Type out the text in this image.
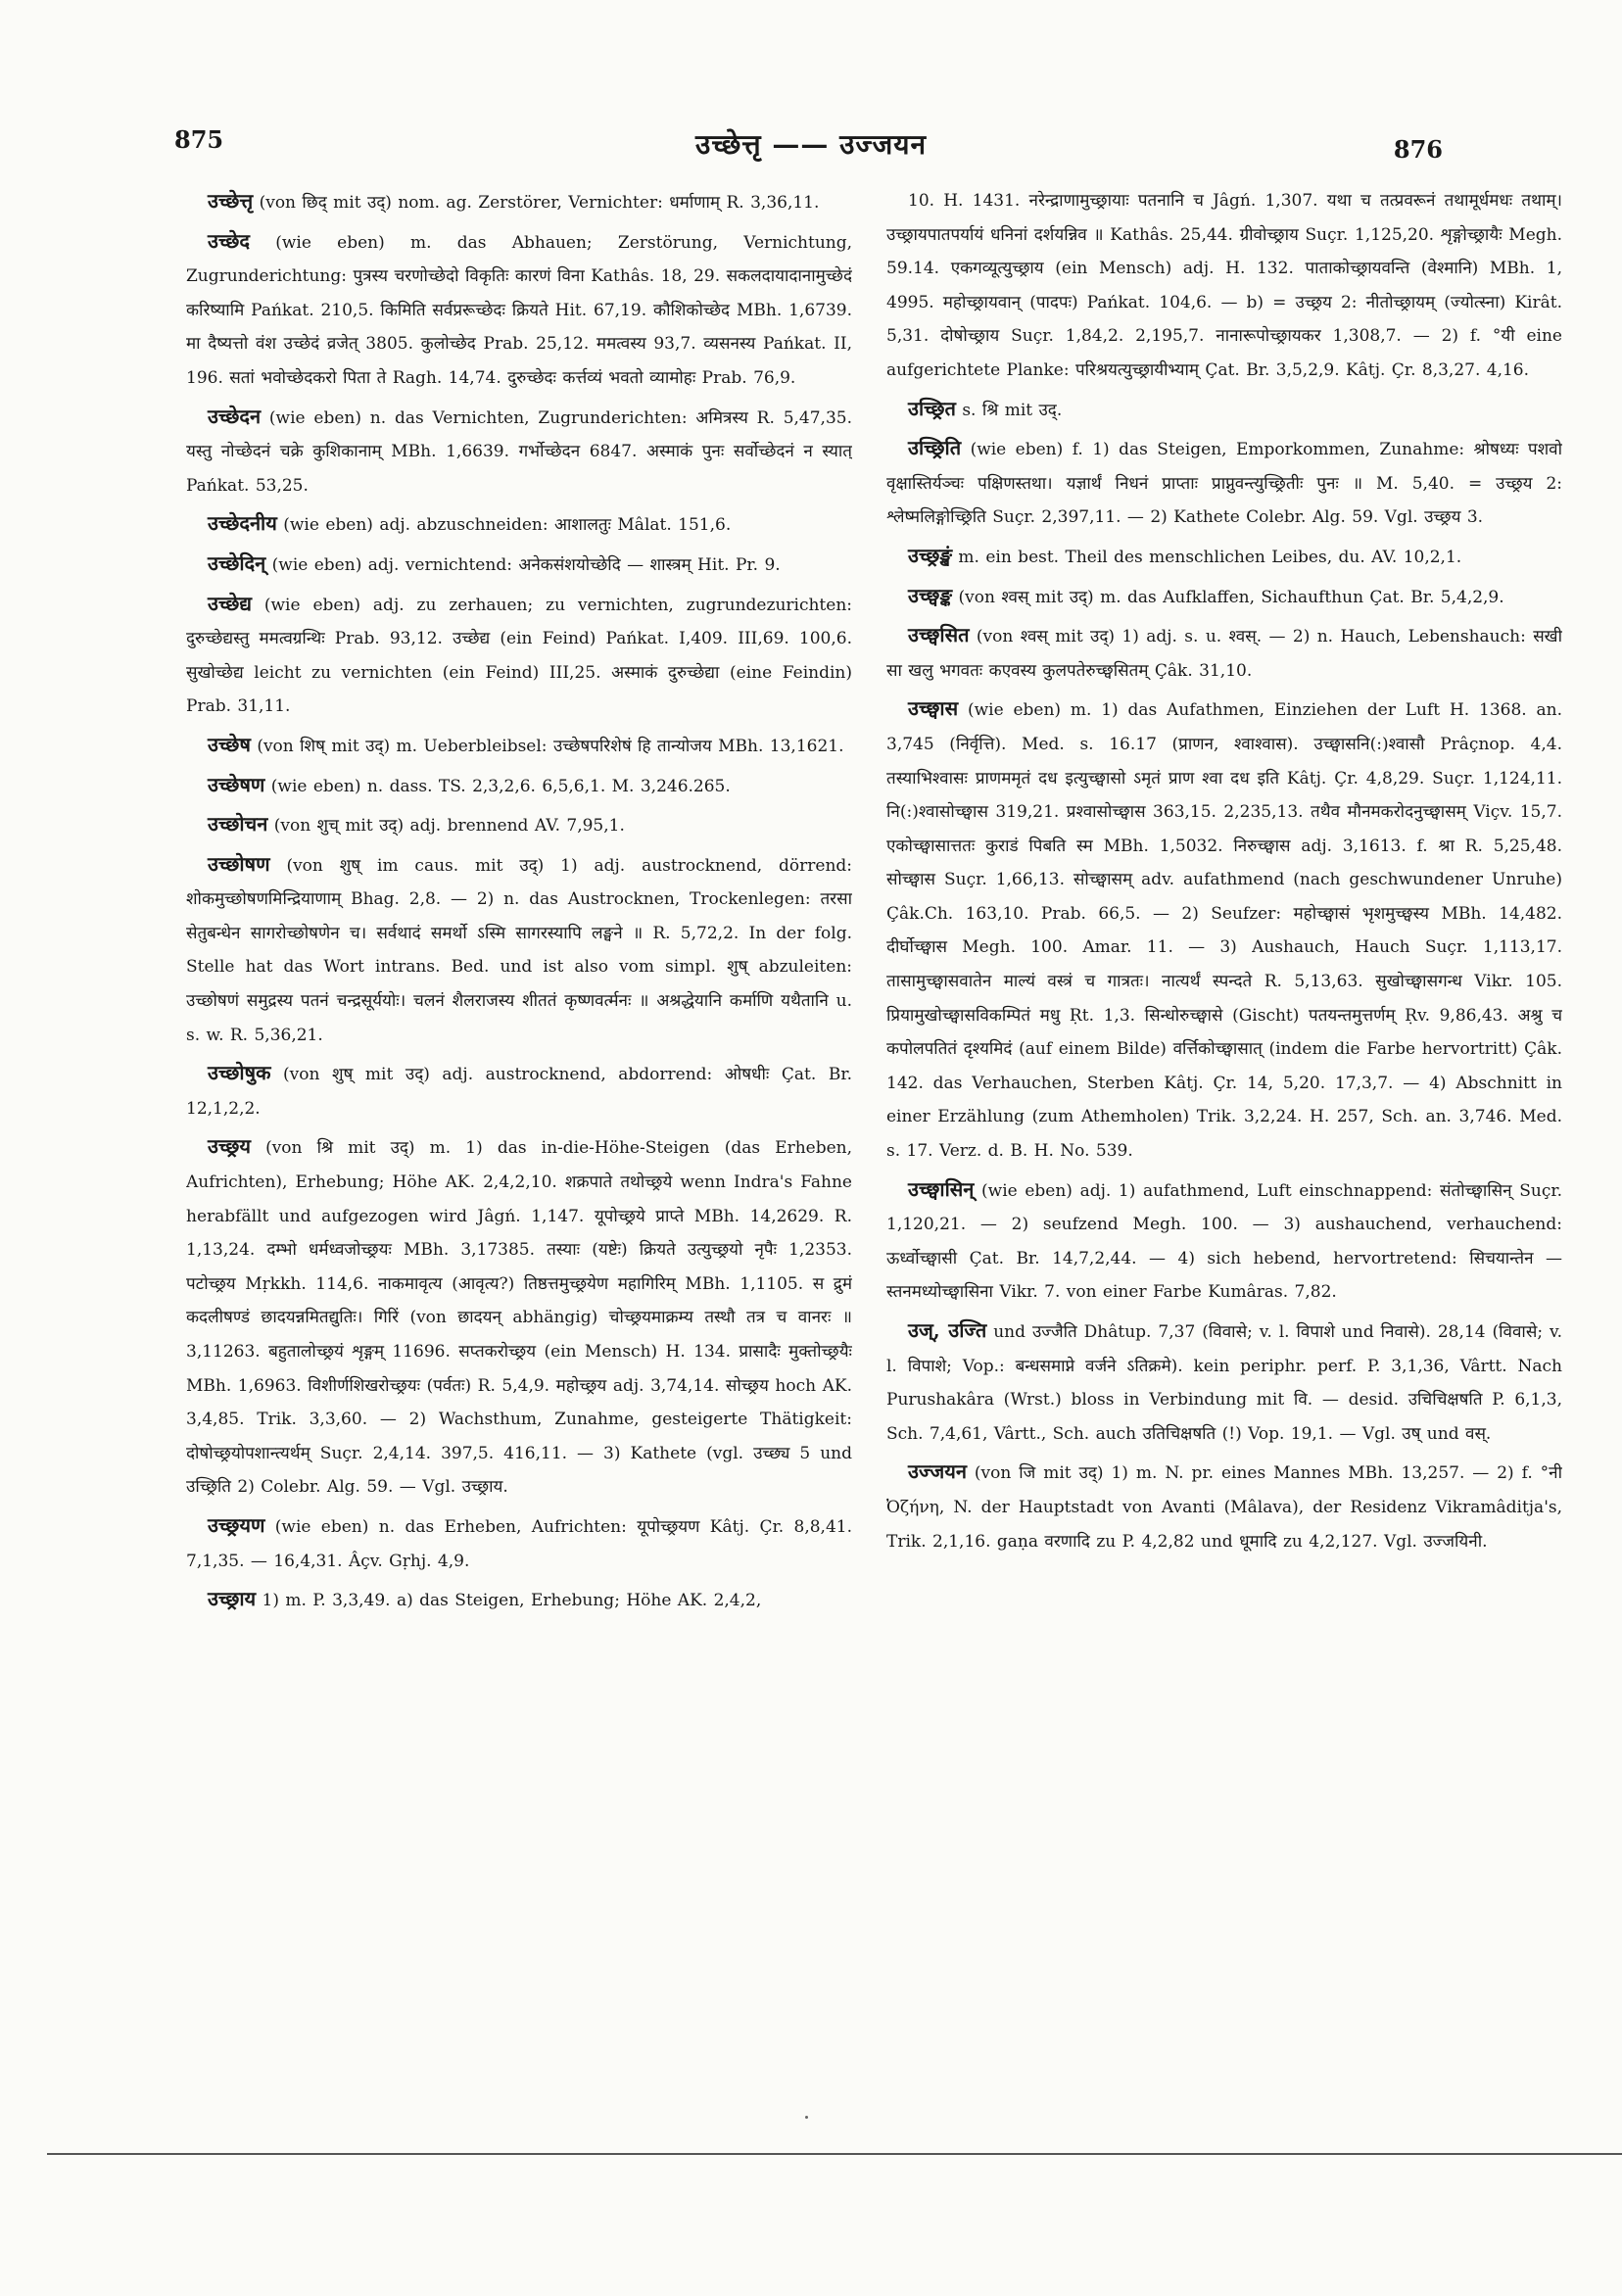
875	उच्छेत्तृ —— उज्जयन	876

उच्छेत्तृ (von छिद् mit उद्) nom. ag. Zerstörer, Vernichter: धर्माणाम् R. 3,36,11.

उच्छेद (wie eben) m. das Abhauen; Zerstörung, Vernichtung, Zugrunderichtung: पुत्रस्य चरणोच्छेदो विकृतिः कारणं विना Kathâs. 18, 29. सकलदायादानामुच्छेदं करिष्यामि Pańkat. 210,5. किमिति सर्वप्ररूच्छेदः क्रियते Hit. 67,19. कौशिकोच्छेद MBh. 1,6739. मा दैष्यत्तो वंश उच्छेदं व्रजेत् 3805. कुलोच्छेद Prab. 25,12. ममत्वस्य 93,7. व्यसनस्य Pańkat. II, 196. सतां भवोच्छेदकरो पिता ते Ragh. 14,74. दुरुच्छेदः कर्त्तव्यं भवतो व्यामोहः Prab. 76,9.

उच्छेदन (wie eben) n. das Vernichten, Zugrunderichten: अमित्रस्य R. 5,47,35. यस्तु नोच्छेदनं चक्रे कुशिकानाम् MBh. 1,6639. गर्भोच्छेदन 6847. अस्माकं पुनः सर्वोच्छेदनं न स्यात् Pańkat. 53,25.

उच्छेदनीय (wie eben) adj. abzuschneiden: आशालतुः Mâlat. 151,6.

उच्छेदिन् (wie eben) adj. vernichtend: अनेकसंशयोच्छेदि — शास्त्रम् Hit. Pr. 9.

उच्छेद्य (wie eben) adj. zu zerhauen; zu vernichten, zugrundezurichten: दुरुच्छेद्यस्तु ममत्वग्रन्थिः Prab. 93,12. उच्छेद्य (ein Feind) Pańkat. I,409. III,69. 100,6. सुखोच्छेद्य leicht zu vernichten (ein Feind) III,25. अस्माकं दुरुच्छेद्या (eine Feindin) Prab. 31,11.

उच्छेष (von शिष् mit उद्) m. Ueberbleibsel: उच्छेषपरिशेषं हि तान्योजय MBh. 13,1621.

उच्छेषण (wie eben) n. dass. TS. 2,3,2,6. 6,5,6,1. M. 3,246.265.

उच्छोचन (von शुच् mit उद्) adj. brennend AV. 7,95,1.

उच्छोषण (von शुष् im caus. mit उद्) 1) adj. austrocknend, dörrend: शोकमुच्छोषणमिन्द्रियाणाम् Bhag. 2,8. — 2) n. das Austrocknen, Trockenlegen: तरसा सेतुबन्धेन सागरोच्छोषणेन च। सर्वथादं समर्थो ऽस्मि सागरस्यापि लङ्घने ॥ R. 5,72,2. In der folg. Stelle hat das Wort intrans. Bed. und ist also vom simpl. शुष् abzuleiten: उच्छोषणं समुद्रस्य पतनं चन्द्रसूर्ययोः। चलनं शैलराजस्य शीततं कृष्णवर्त्मनः ॥ अश्रद्धेयानि कर्माणि यथैतानि u. s. w. R. 5,36,21.

उच्छोषुक (von शुष् mit उद्) adj. austrocknend, abdorrend: ओषधीः Çat. Br. 12,1,2,2.

उच्छ्रय (von श्रि mit उद्) m. 1) das in-die-Höhe-Steigen (das Erheben, Aufrichten), Erhebung; Höhe AK. 2,4,2,10. शक्रपाते तथोच्छ्रये wenn Indra's Fahne herabfällt und aufgezogen wird Jâgń. 1,147. यूपोच्छ्रये प्राप्ते MBh. 14,2629. R. 1,13,24. दम्भो धर्मध्वजोच्छ्रयः MBh. 3,17385. तस्याः (यष्टेः) क्रियते उत्युच्छ्रयो नृपैः 1,2353. पटोच्छ्रय Mṛkkh. 114,6. नाकमावृत्य (आवृत्य?) तिष्ठत्तमुच्छ्रयेण महागिरिम् MBh. 1,1105. स द्रुमं कदलीषण्डं छादयन्नमितद्युतिः। गिरिं (von छादयन् abhängig) चोच्छ्रयमाक्रम्य तस्थौ तत्र च वानरः ॥ 3,11263. बहुतालोच्छ्रयं शृङ्गम् 11696. सप्तकरोच्छ्रय (ein Mensch) H. 134. प्रासादैः मुक्तोच्छ्रयैः MBh. 1,6963. विशीर्णशिखरोच्छ्रयः (पर्वतः) R. 5,4,9. महोच्छ्रय adj. 3,74,14. सोच्छ्रय hoch AK. 3,4,85. Trik. 3,3,60. — 2) Wachsthum, Zunahme, gesteigerte Thätigkeit: दोषोच्छ्रयोपशान्त्यर्थम् Suçr. 2,4,14. 397,5. 416,11. — 3) Kathete (vgl. उच्छ्य 5 und उच्छ्रिति 2) Colebr. Alg. 59. — Vgl. उच्छ्राय.

उच्छ्रयण (wie eben) n. das Erheben, Aufrichten: यूपोच्छ्रयण Kâtj. Çr. 8,8,41. 7,1,35. — 16,4,31. Âçv. Gṛhj. 4,9.

उच्छ्राय 1) m. P. 3,3,49. a) das Steigen, Erhebung; Höhe AK. 2,4,2,

10. H. 1431. नरेन्द्राणामुच्छ्रायाः पतनानि च Jâgń. 1,307. यथा च तत्प्रवरूनं तथामूर्धमधः तथाम्। उच्छ्रायपातपर्यायं धनिनां दर्शयन्निव ॥ Kathâs. 25,44. ग्रीवोच्छ्राय Suçr. 1,125,20. शृङ्गोच्छ्रायैः Megh. 59.14. एकगव्यूत्युच्छ्राय (ein Mensch) adj. H. 132. पाताकोच्छ्रायवन्ति (वेश्मानि) MBh. 1, 4995. महोच्छ्रायवान् (पादपः) Pańkat. 104,6. — b) = उच्छ्रय 2: नीतोच्छ्रायम् (ज्योत्स्ना) Kirât. 5,31. दोषोच्छ्राय Suçr. 1,84,2. 2,195,7. नानारूपोच्छ्रायकर 1,308,7. — 2) f. °यी eine aufgerichtete Planke: परिश्रयत्युच्छ्रायीभ्याम् Çat. Br. 3,5,2,9. Kâtj. Çr. 8,3,27. 4,16.

उच्छ्रित s. श्रि mit उद्.

उच्छ्रिति (wie eben) f. 1) das Steigen, Emporkommen, Zunahme: श्रोषध्यः पशवो वृक्षास्तिर्यञ्चः पक्षिणस्तथा। यज्ञार्थं निधनं प्राप्ताः प्राप्नुवन्त्युच्छ्रितीः पुनः ॥ M. 5,40. = उच्छ्रय 2: श्लेष्मलिङ्गोच्छ्रिति Suçr. 2,397,11. — 2) Kathete Colebr. Alg. 59. Vgl. उच्छ्रय 3.

उच्छ्रङ्खं m. ein best. Theil des menschlichen Leibes, du. AV. 10,2,1.

उच्छ्वङ्क (von श्वस् mit उद्) m. das Aufklaffen, Sichaufthun Çat. Br. 5,4,2,9.

उच्छ्वसित (von श्वस् mit उद्) 1) adj. s. u. श्वस्. — 2) n. Hauch, Lebenshauch: सखी सा खलु भगवतः कएवस्य कुलपतेरुच्छ्वसितम् Çâk. 31,10.

उच्छ्वास (wie eben) m. 1) das Aufathmen, Einziehen der Luft H. 1368. an. 3,745 (निर्वृत्ति). Med. s. 16.17 (प्राणन, श्वाश्वास). उच्छ्वासनि(:)श्वासौ Prâçnop. 4,4. तस्याभिश्वासः प्राणममृतं दध इत्युच्छ्वासो ऽमृतं प्राण श्वा दध इति Kâtj. Çr. 4,8,29. Suçr. 1,124,11. नि(:)श्वासोच्छ्वास 319,21. प्रश्वासोच्छ्वास 363,15. 2,235,13. तथैव मौनमकरोदनुच्छ्वासम् Viçv. 15,7. एकोच्छ्वासात्ततः कुराडं पिबति स्म MBh. 1,5032. निरुच्छ्वास adj. 3,1613. f. श्रा R. 5,25,48. सोच्छ्वास Suçr. 1,66,13. सोच्छ्वासम् adv. aufathmend (nach geschwundener Unruhe) Çâk.Ch. 163,10. Prab. 66,5. — 2) Seufzer: महोच्छ्वासं भृशमुच्छ्वस्य MBh. 14,482. दीर्घोच्छ्वास Megh. 100. Amar. 11. — 3) Aushauch, Hauch Suçr. 1,113,17. तासामुच्छ्वासवातेन माल्यं वस्त्रं च गात्रतः। नात्यर्थं स्पन्दते R. 5,13,63. सुखोच्छ्वासगन्ध Vikr. 105. प्रियामुखोच्छ्वासविकम्पितं मधु Ṛt. 1,3. सिन्धोरुच्छ्वासे (Gischt) पतयन्तमुत्तर्णम् Ṛv. 9,86,43. अश्रु च कपोलपतितं दृश्यमिदं (auf einem Bilde) वर्त्तिकोच्छ्वासात् (indem die Farbe hervortritt) Çâk. 142. das Verhauchen, Sterben Kâtj. Çr. 14, 5,20. 17,3,7. — 4) Abschnitt in einer Erzählung (zum Athemholen) Trik. 3,2,24. H. 257, Sch. an. 3,746. Med. s. 17. Verz. d. B. H. No. 539.

उच्छ्वासिन् (wie eben) adj. 1) aufathmend, Luft einschnappend: संतोच्छ्वासिन् Suçr. 1,120,21. — 2) seufzend Megh. 100. — 3) aushauchend, verhauchend: ऊर्ध्वोच्छ्वासी Çat. Br. 14,7,2,44. — 4) sich hebend, hervortretend: सिचयान्तेन — स्तनमध्योच्छ्वासिना Vikr. 7. von einer Farbe Kumâras. 7,82.

उज्, उज्ति und उज्जैति Dhâtup. 7,37 (विवासे; v. l. विपाशे und निवासे). 28,14 (विवासे; v. l. विपाशे; Vop.: बन्धसमाप्ने वर्जने ऽतिक्रमे). kein periphr. perf. P. 3,1,36, Vârtt. Nach Purushakâra (Wrst.) bloss in Verbindung mit वि. — desid. उचिचिक्षषति P. 6,1,3, Sch. 7,4,61, Vârtt., Sch. auch उतिचिक्षषति (!) Vop. 19,1. — Vgl. उष् und वस्.

उज्जयन (von जि mit उद्) 1) m. N. pr. eines Mannes MBh. 13,257. — 2) f. °नी Ὀζήνη, N. der Hauptstadt von Avanti (Mâlava), der Residenz Vikramâditja's, Trik. 2,1,16. gaṇa वरणादि zu P. 4,2,82 und धूमादि zu 4,2,127. Vgl. उज्जयिनी.
